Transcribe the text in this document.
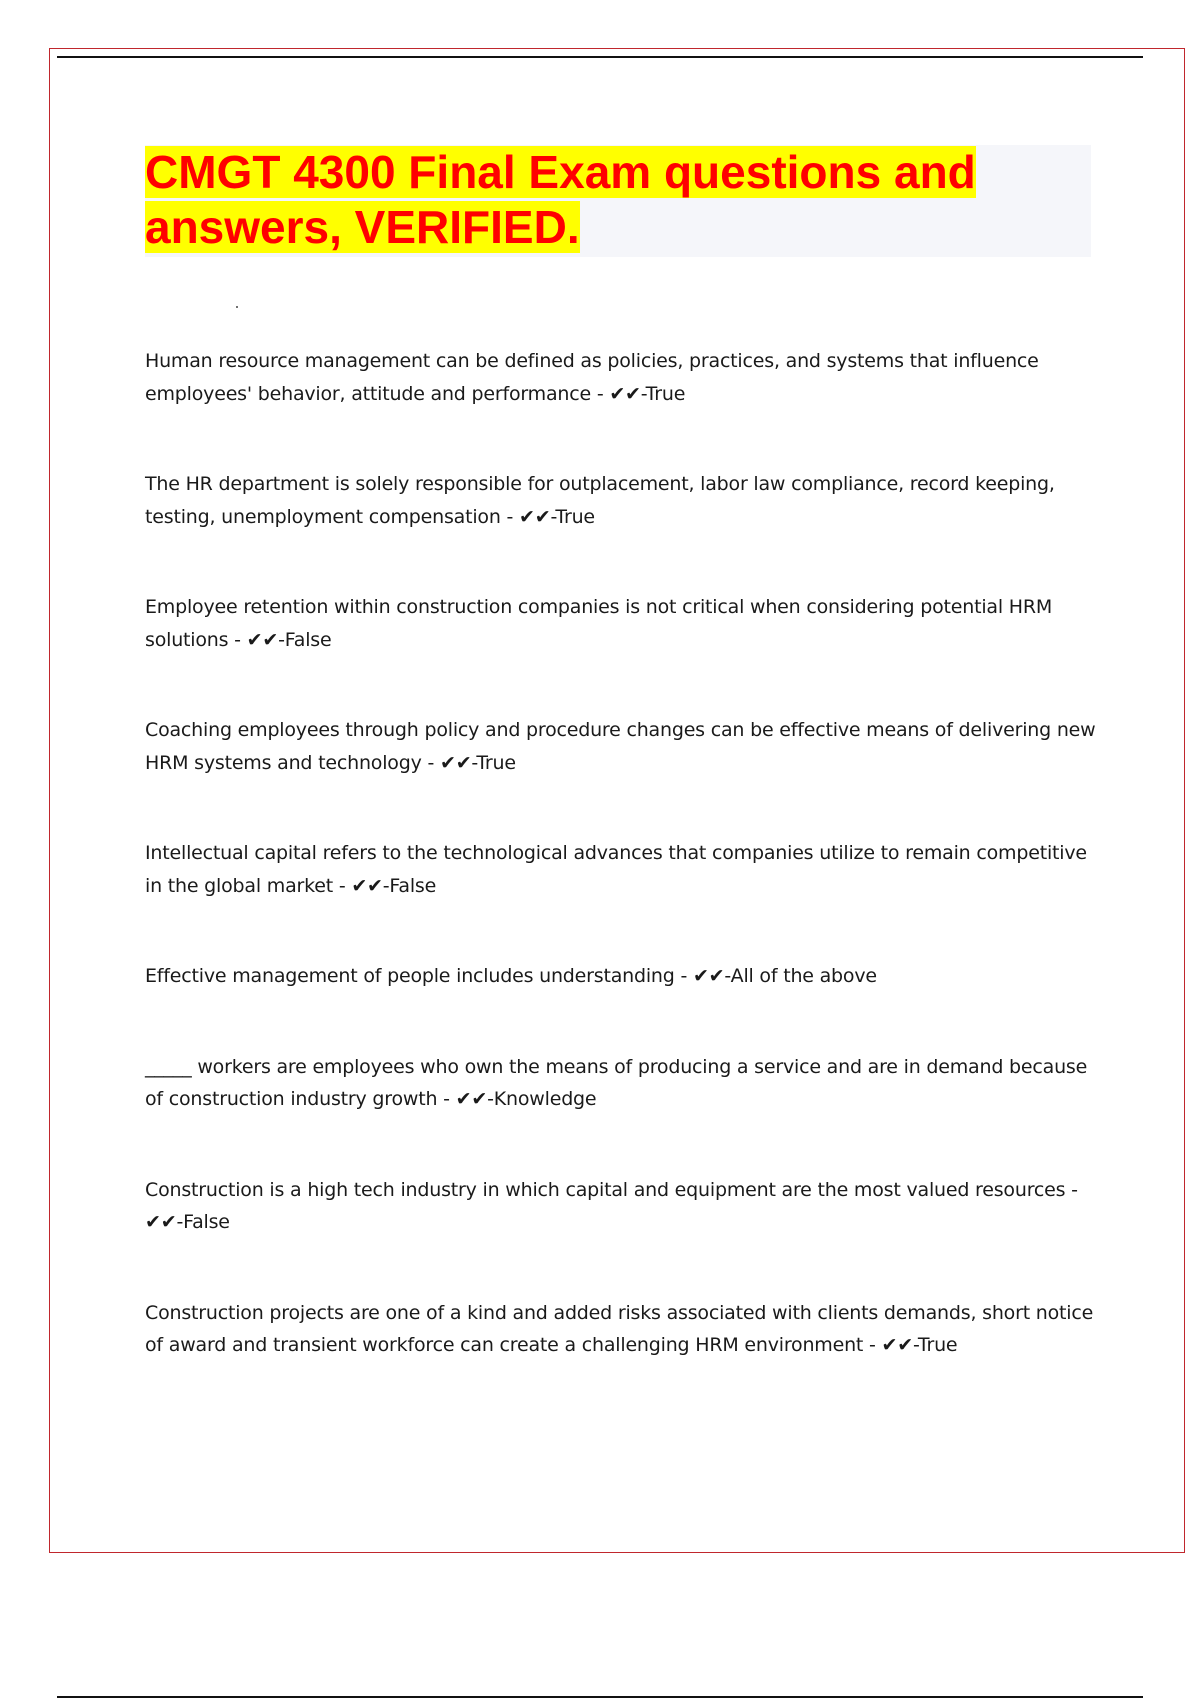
CMGT 4300 Final Exam questions and answers, VERIFIED.
Human resource management can be defined as policies, practices, and systems that influence employees' behavior, attitude and performance - ✔✔-True
The HR department is solely responsible for outplacement, labor law compliance, record keeping, testing, unemployment compensation - ✔✔-True
Employee retention within construction companies is not critical when considering potential HRM solutions - ✔✔-False
Coaching employees through policy and procedure changes can be effective means of delivering new HRM systems and technology - ✔✔-True
Intellectual capital refers to the technological advances that companies utilize to remain competitive in the global market - ✔✔-False
Effective management of people includes understanding - ✔✔-All of the above
_____ workers are employees who own the means of producing a service and are in demand because of construction industry growth - ✔✔-Knowledge
Construction is a high tech industry in which capital and equipment are the most valued resources - ✔✔-False
Construction projects are one of a kind and added risks associated with clients demands, short notice of award and transient workforce can create a challenging HRM environment - ✔✔-True
